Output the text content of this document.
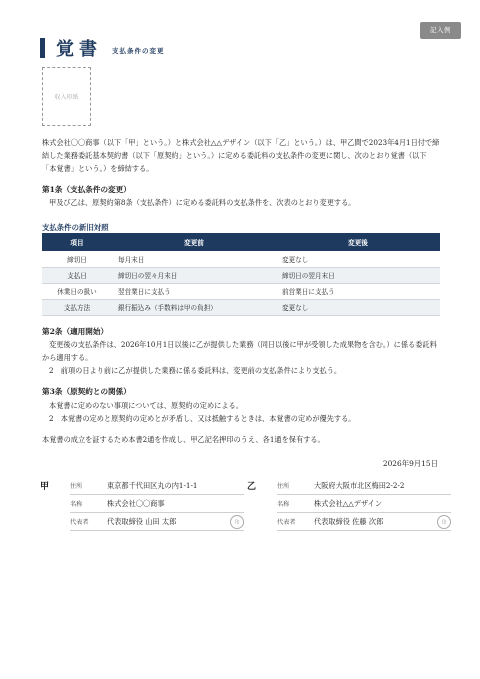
記入例
覚書 支払条件の変更
収入印紙
株式会社〇〇商事（以下「甲」という。）と株式会社△△デザイン（以下「乙」という。）は、甲乙間で2023年4月1日付で締結した業務委託基本契約書（以下「原契約」という。）に定める委託料の支払条件の変更に関し、次のとおり覚書（以下「本覚書」という。）を締結する。
第1条（支払条件の変更）
甲及び乙は、原契約第8条（支払条件）に定める委託料の支払条件を、次表のとおり変更する。
支払条件の新旧対照
項目	変更前	変更後
締切日	毎月末日	変更なし
支払日	締切日の翌々月末日	締切日の翌月末日
休業日の扱い	翌営業日に支払う	前営業日に支払う
支払方法	銀行振込み（手数料は甲の負担）	変更なし
第2条（適用開始）
変更後の支払条件は、2026年10月1日以後に乙が提供した業務（同日以後に甲が受領した成果物を含む。）に係る委託料から適用する。
2　前項の日より前に乙が提供した業務に係る委託料は、変更前の支払条件により支払う。
第3条（原契約との関係）
本覚書に定めのない事項については、原契約の定めによる。
2　本覚書の定めと原契約の定めとが矛盾し、又は抵触するときは、本覚書の定めが優先する。
本覚書の成立を証するため本書2通を作成し、甲乙記名押印のうえ、各1通を保有する。
2026年9月15日
甲	住所	東京都千代田区丸の内1-1-1
名称	株式会社〇〇商事
代表者	代表取締役 山田 太郎	印
乙	住所	大阪府大阪市北区梅田2-2-2
名称	株式会社△△デザイン
代表者	代表取締役 佐藤 次郎	印
